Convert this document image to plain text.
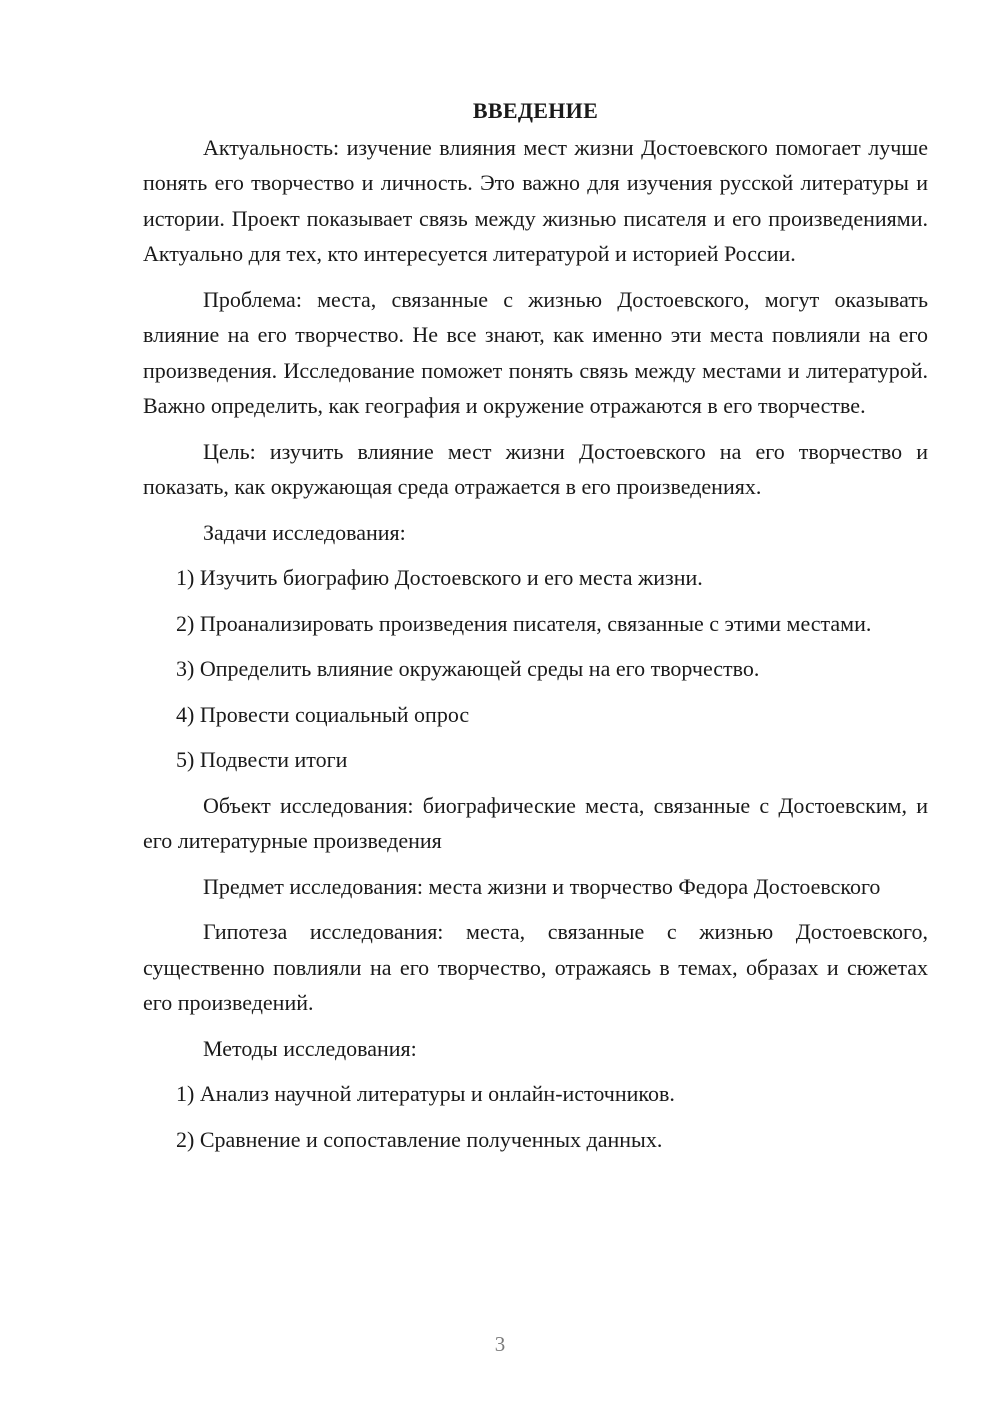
ВВЕДЕНИЕ

Актуальность: изучение влияния мест жизни Достоевского помогает лучше понять его творчество и личность. Это важно для изучения русской литературы и истории. Проект показывает связь между жизнью писателя и его произведениями. Актуально для тех, кто интересуется литературой и историей России.

Проблема: места, связанные с жизнью Достоевского, могут оказывать влияние на его творчество. Не все знают, как именно эти места повлияли на его произведения. Исследование поможет понять связь между местами и литературой. Важно определить, как география и окружение отражаются в его творчестве.

Цель: изучить влияние мест жизни Достоевского на его творчество и показать, как окружающая среда отражается в его произведениях.

Задачи исследования:

1) Изучить биографию Достоевского и его места жизни.

2) Проанализировать произведения писателя, связанные с этими местами.

3) Определить влияние окружающей среды на его творчество.

4) Провести социальный опрос

5) Подвести итоги

Объект исследования: биографические места, связанные с Достоевским, и его литературные произведения

Предмет исследования: места жизни и творчество Федора Достоевского

Гипотеза исследования: места, связанные с жизнью Достоевского, существенно повлияли на его творчество, отражаясь в темах, образах и сюжетах его произведений.

Методы исследования:

1) Анализ научной литературы и онлайн-источников.

2) Сравнение и сопоставление полученных данных.

3
